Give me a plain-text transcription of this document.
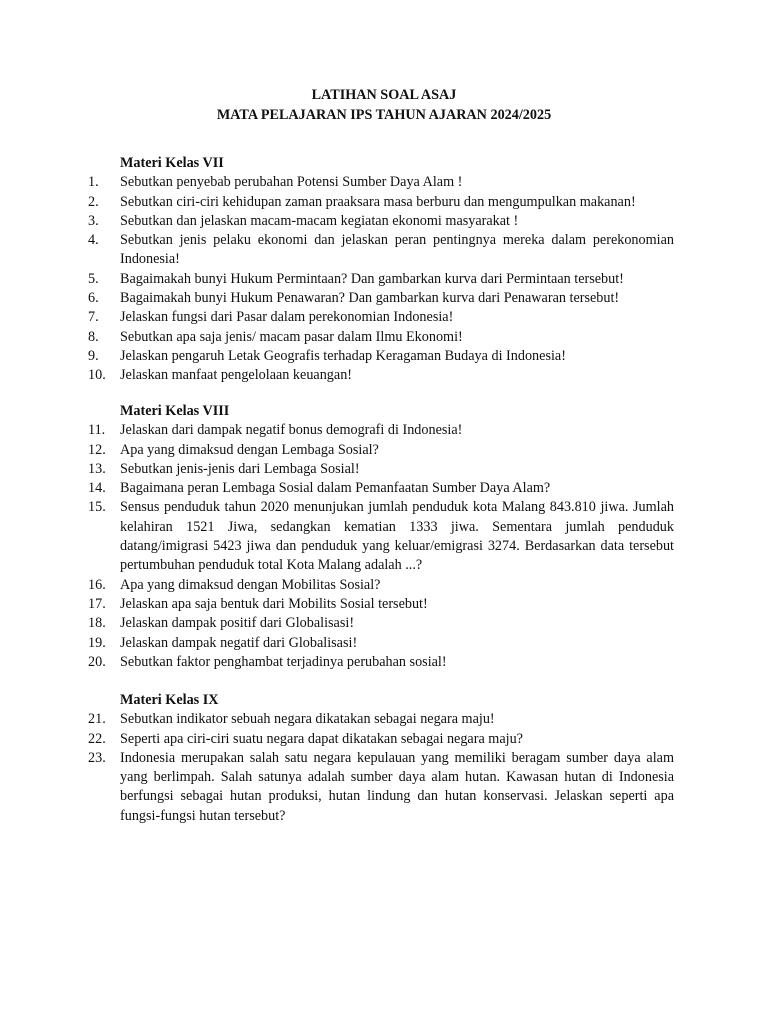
LATIHAN SOAL ASAJ
MATA PELAJARAN IPS TAHUN AJARAN 2024/2025
Materi Kelas VII
1.	Sebutkan penyebab perubahan Potensi Sumber Daya Alam !
2.	Sebutkan ciri-ciri kehidupan zaman praaksara masa berburu dan mengumpulkan makanan!
3.	Sebutkan dan jelaskan macam-macam kegiatan ekonomi masyarakat !
4.	Sebutkan jenis pelaku ekonomi dan jelaskan peran pentingnya mereka dalam perekonomian Indonesia!
5.	Bagaimakah bunyi Hukum Permintaan? Dan gambarkan kurva dari Permintaan tersebut!
6.	Bagaimakah bunyi Hukum Penawaran? Dan gambarkan kurva dari Penawaran tersebut!
7.	Jelaskan fungsi dari Pasar dalam perekonomian Indonesia!
8.	Sebutkan apa saja jenis/ macam pasar dalam Ilmu Ekonomi!
9.	Jelaskan pengaruh Letak Geografis terhadap Keragaman Budaya di Indonesia!
10.	Jelaskan manfaat pengelolaan keuangan!
Materi Kelas VIII
11.	Jelaskan dari dampak negatif bonus demografi di Indonesia!
12.	Apa yang dimaksud dengan Lembaga Sosial?
13.	Sebutkan jenis-jenis dari Lembaga Sosial!
14.	Bagaimana peran Lembaga Sosial dalam Pemanfaatan Sumber Daya Alam?
15.	Sensus penduduk tahun 2020 menunjukan jumlah penduduk kota Malang 843.810 jiwa. Jumlah kelahiran 1521 Jiwa, sedangkan kematian 1333 jiwa. Sementara jumlah penduduk datang/imigrasi 5423 jiwa dan penduduk yang keluar/emigrasi 3274. Berdasarkan data tersebut pertumbuhan penduduk total Kota Malang adalah ...?
16.	Apa yang dimaksud dengan Mobilitas Sosial?
17.	Jelaskan apa saja bentuk dari Mobilits Sosial tersebut!
18.	Jelaskan dampak positif dari Globalisasi!
19.	Jelaskan dampak negatif dari Globalisasi!
20.	Sebutkan faktor penghambat terjadinya perubahan sosial!
Materi Kelas IX
21.	Sebutkan indikator sebuah negara dikatakan sebagai negara maju!
22.	Seperti apa ciri-ciri suatu negara dapat dikatakan sebagai negara maju?
23.	Indonesia merupakan salah satu negara kepulauan yang memiliki beragam sumber daya alam yang berlimpah. Salah satunya adalah sumber daya alam hutan. Kawasan hutan di Indonesia berfungsi sebagai hutan produksi, hutan lindung dan hutan konservasi. Jelaskan seperti apa fungsi-fungsi hutan tersebut?
